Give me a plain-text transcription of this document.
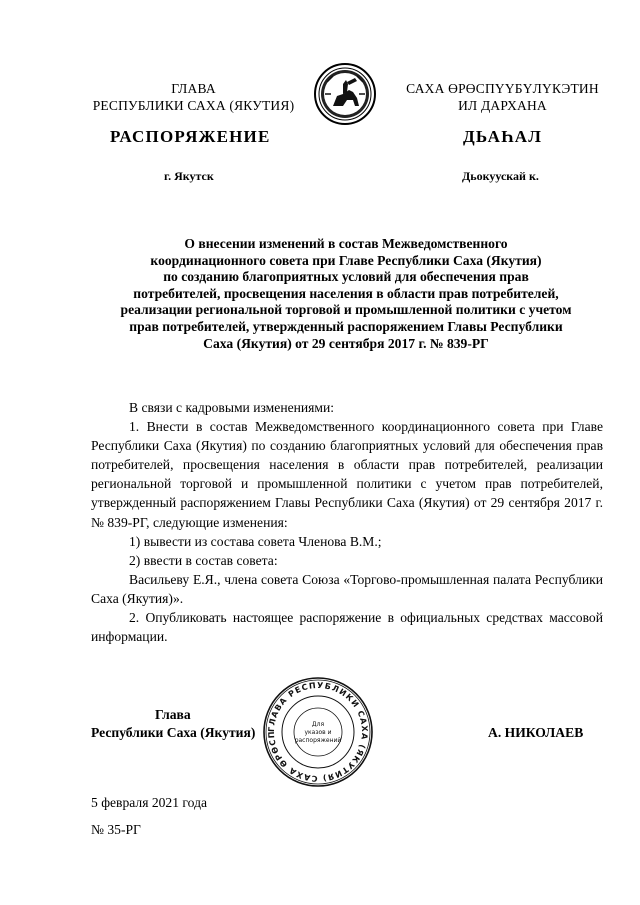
ГЛАВА
РЕСПУБЛИКИ САХА (ЯКУТИЯ)
САХА ӨРӨСПҮҮБҮЛҮКЭТИН
ИЛ ДАРХАНА
РАСПОРЯЖЕНИЕ	ДЬАҺАЛ
г. Якутск	Дьокуускай к.
О внесении изменений в состав Межведомственного
координационного совета при Главе Республики Саха (Якутия)
по созданию благоприятных условий для обеспечения прав
потребителей, просвещения населения в области прав потребителей,
реализации региональной торговой и промышленной политики с учетом
прав потребителей, утвержденный распоряжением Главы Республики
Саха (Якутия) от 29 сентября 2017 г. № 839-РГ

В связи с кадровыми изменениями:

1. Внести в состав Межведомственного координационного совета при Главе Республики Саха (Якутия) по созданию благоприятных условий для обеспечения прав потребителей, просвещения населения в области прав потребителей, реализации региональной торговой и промышленной политики с учетом прав потребителей, утвержденный распоряжением Главы Республики Саха (Якутия) от 29 сентября 2017 г. № 839-РГ, следующие изменения:

1) вывести из состава совета Членова В.М.;

2) ввести в состав совета:

Васильеву Е.Я., члена совета Союза «Торгово-промышленная палата Республики Саха (Якутия)».

2. Опубликовать настоящее распоряжение в официальных средствах массовой информации.

ГЛАВА РЕСПУБЛИКИ САХА (ЯКУТИЯ) САХА ӨРӨСП
Для
указов и
распоряжений
Глава
Республики Саха (Якутия)	А. НИКОЛАЕВ
5 февраля 2021 года
№ 35-РГ
